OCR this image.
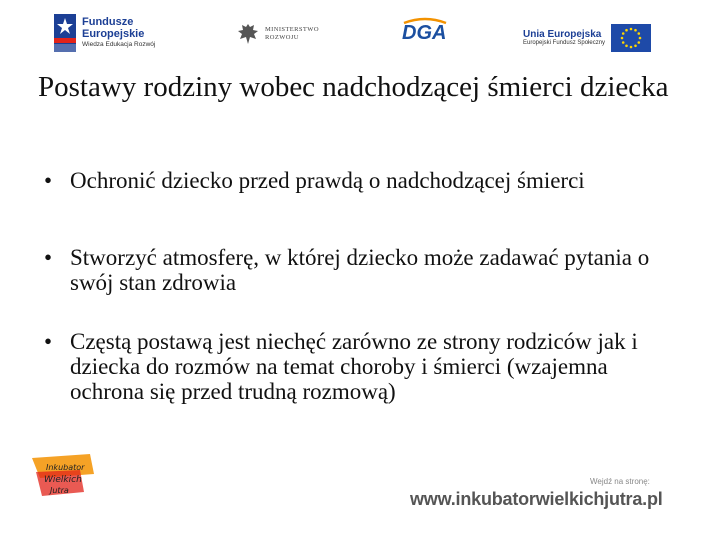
Fundusze
Europejskie
Wiedza Edukacja Rozwój
MINISTERSTWO
ROZWOJU	DGA	Unia Europejska
Europejski Fundusz Społeczny
Postawy rodziny wobec nadchodzącej śmierci dziecka
• Ochronić dziecko przed prawdą o nadchodzącej śmierci
• Stworzyć atmosferę, w której dziecko może zadawać pytania o swój stan zdrowia
• Częstą postawą jest niechęć zarówno ze strony rodziców jak i dziecka do rozmów na temat choroby i śmierci (wzajemna ochrona się przed trudną rozmową)
Inkubator
Wielkich
Jutra
Wejdź na stronę:
www.inkubatorwielkichjutra.pl
